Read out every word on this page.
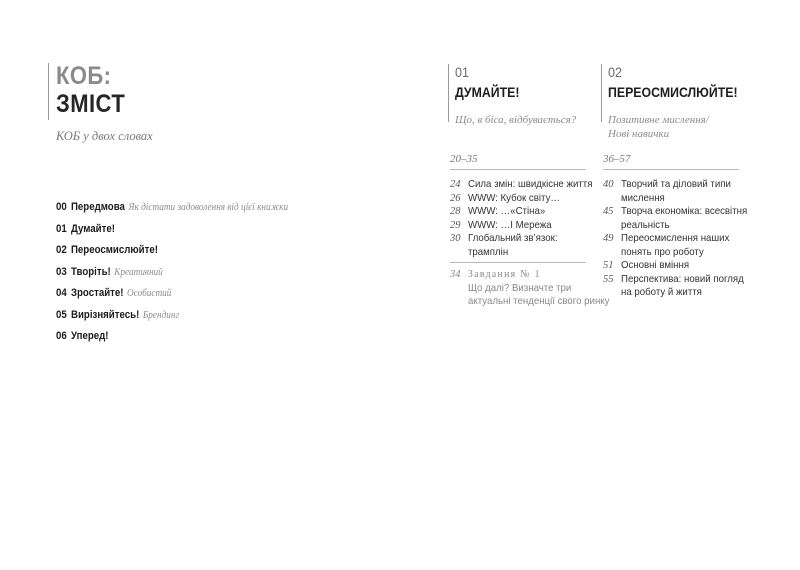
КОБ:
ЗМІСТ
КОБ у двох словах
00 Передмова Як дістати задоволення від цієї книжки
01 Думайте!
02 Переосмислюйте!
03 Творіть! Креативний
04 Зростайте! Особистий
05 Вирізняйтесь! Брендинг
06 Уперед!
01
ДУМАЙТЕ!
Що, в біса, відбувається?
20–35
24 Сила змін: швидкісне життя
26 WWW: Кубок світу…
28 WWW: …«Стіна»
29 WWW: …І Мережа
30 Глобальний зв’язок:
трамплін
34 Завдання № 1
Що далі? Визначте три
актуальні тенденції свого ринку
02
ПЕРЕОСМИСЛЮЙТЕ!
Позитивне мислення/
Нові навички
36–57
40 Творчий та діловий типи
мислення
45 Творча економіка: всесвітня
реальність
49 Переосмислення наших
понять про роботу
51 Основні вміння
55 Перспектива: новий погляд
на роботу й життя
